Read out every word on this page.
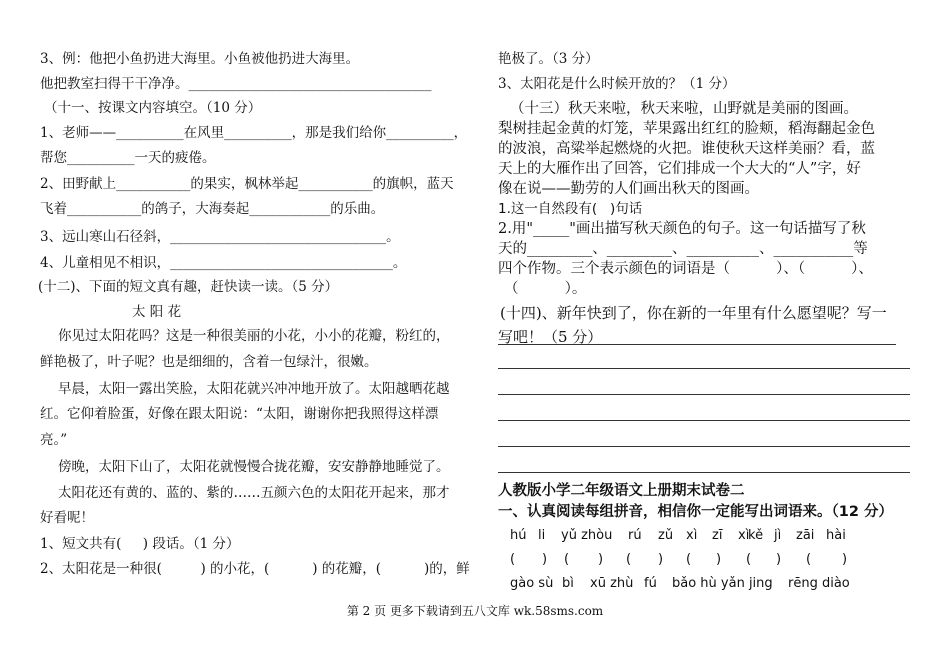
3、例：他把小鱼扔进大海里。小鱼被他扔进大海里。
他把教室扫得干干净净。____________________________________
（十一、按课文内容填空。（10 分）
1、老师——__________在风里__________，那是我们给你__________，
帮您__________一天的疲倦。
2、田野献上___________的果实，枫林举起___________的旗帜，蓝天
飞着___________的鸽子，大海奏起____________的乐曲。
3、远山寒山石径斜，________________________________。
4、儿童相见不相识，_________________________________。
(十二)、下面的短文真有趣，赶快读一读。（5 分）
太 阳 花
你见过太阳花吗？这是一种很美丽的小花，小小的花瓣，粉红的，
鲜艳极了，叶子呢？也是细细的，含着一包绿汁，很嫩。
早晨，太阳一露出笑脸，太阳花就兴冲冲地开放了。太阳越晒花越
红。它仰着脸蛋，好像在跟太阳说：“太阳，谢谢你把我照得这样漂
亮。”
傍晚，太阳下山了，太阳花就慢慢合拢花瓣，安安静静地睡觉了。
太阳花还有黄的、蓝的、紫的……五颜六色的太阳花开起来，那才
好看呢！
1、短文共有(     ) 段话。（1 分）
2、太阳花是一种很(         ) 的小花，(          ) 的花瓣，(          )的，鲜
艳极了。（3 分）
3、太阳花是什么时候开放的？（1 分）
（十三）秋天来啦，秋天来啦，山野就是美丽的图画。
梨树挂起金黄的灯笼，苹果露出红红的脸颊，稻海翻起金色
的波浪，高粱举起燃烧的火把。谁使秋天这样美丽？看，蓝
天上的大雁作出了回答，它们排成一个大大的“人”字，好
像在说——勤劳的人们画出秋天的图画。
1.这一自然段有(   )句话
2.用"_____"画出描写秋天颜色的句子。这一句话描写了秋
天的_________、_________、__________、___________等
四个作物。三个表示颜色的词语是（          ）、（          ）、
（          ）。
(十四)、新年快到了，你在新的一年里有什么愿望呢？写一
写吧！（5 分）
人教版小学二年级语文上册期末试卷二
一、认真阅读每组拼音，相信你一定能写出词语来。（12 分）
hú li yǔ zhòu rú zǔ xì zī xì
kě jì zāi hài
( ) ( ) ( ) ( ) ( ) ( )
gào sù bì xū zhù fú bǎo hù yǎn jing rēng diào
第 2 页 更多下载请到五八文库 wk.58sms.com
